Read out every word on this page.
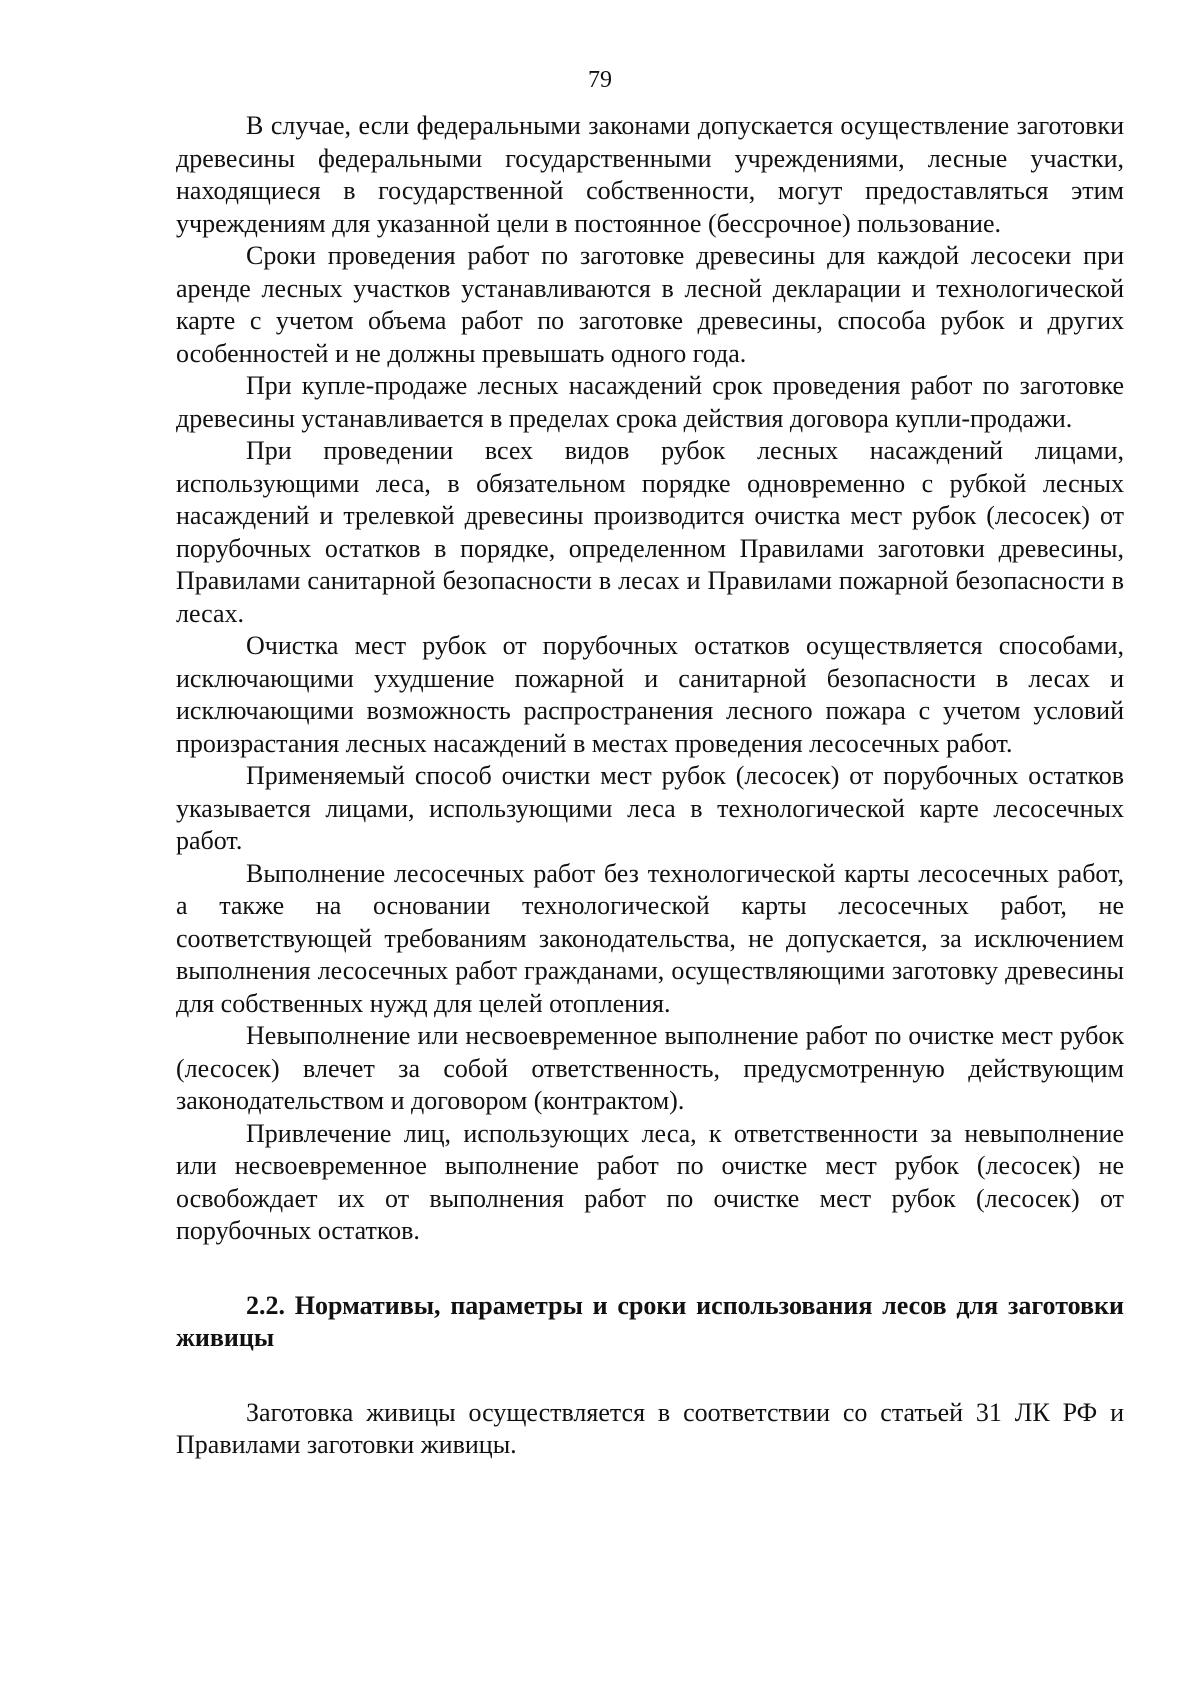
79

В случае, если федеральными законами допускается осуществление заготовки древесины федеральными государственными учреждениями, лесные участки, находящиеся в государственной собственности, могут предоставляться этим учреждениям для указанной цели в постоянное (бессрочное) пользование.

Сроки проведения работ по заготовке древесины для каждой лесосеки при аренде лесных участков устанавливаются в лесной декларации и технологической карте с учетом объема работ по заготовке древесины, способа рубок и других особенностей и не должны превышать одного года.

При купле-продаже лесных насаждений срок проведения работ по заготовке древесины устанавливается в пределах срока действия договора купли-продажи.

При проведении всех видов рубок лесных насаждений лицами, использующими леса, в обязательном порядке одновременно с рубкой лесных насаждений и трелевкой древесины производится очистка мест рубок (лесосек) от порубочных остатков в порядке, определенном Правилами заготовки древесины, Правилами санитарной безопасности в лесах и Правилами пожарной безопасности в лесах.

Очистка мест рубок от порубочных остатков осуществляется способами, исключающими ухудшение пожарной и санитарной безопасности в лесах и исключающими возможность распространения лесного пожара с учетом условий произрастания лесных насаждений в местах проведения лесосечных работ.

Применяемый способ очистки мест рубок (лесосек) от порубочных остатков указывается лицами, использующими леса в технологической карте лесосечных работ.

Выполнение лесосечных работ без технологической карты лесосечных работ, а также на основании технологической карты лесосечных работ, не соответствующей требованиям законодательства, не допускается, за исключением выполнения лесосечных работ гражданами, осуществляющими заготовку древесины для собственных нужд для целей отопления.

Невыполнение или несвоевременное выполнение работ по очистке мест рубок (лесосек) влечет за собой ответственность, предусмотренную действующим законодательством и договором (контрактом).

Привлечение лиц, использующих леса, к ответственности за невыполнение или несвоевременное выполнение работ по очистке мест рубок (лесосек) не освобождает их от выполнения работ по очистке мест рубок (лесосек) от порубочных остатков.

2.2. Нормативы, параметры и сроки использования лесов для заготовки живицы

Заготовка живицы осуществляется в соответствии со статьей 31 ЛК РФ и Правилами заготовки живицы.
